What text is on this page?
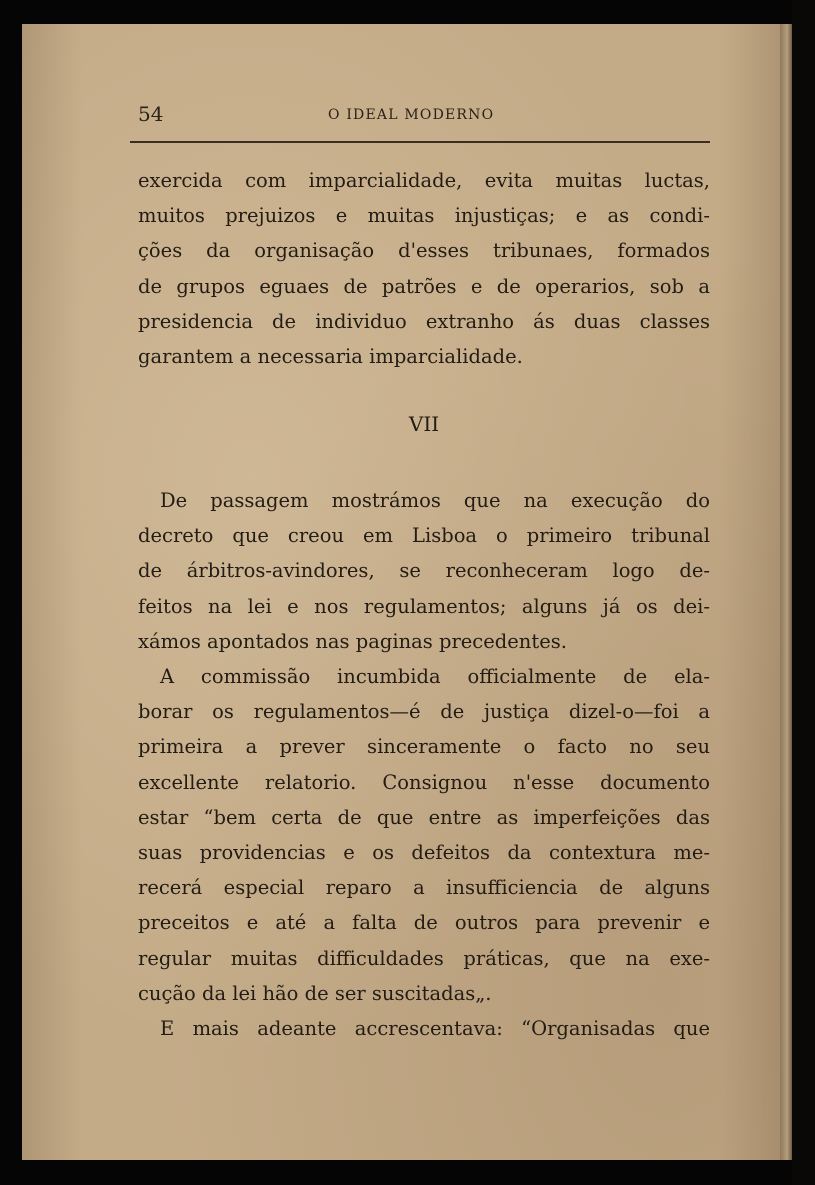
54	O IDEAL MODERNO
exercida com imparcialidade, evita muitas luctas,
muitos prejuizos e muitas injustiças; e as condi-
ções da organisação d'esses tribunaes, formados
de grupos eguaes de patrões e de operarios, sob a
presidencia de individuo extranho ás duas classes
garantem a necessaria imparcialidade.
VII
De passagem mostrámos que na execução do
decreto que creou em Lisboa o primeiro tribunal
de árbitros-avindores, se reconheceram logo de-
feitos na lei e nos regulamentos; alguns já os dei-
xámos apontados nas paginas precedentes.
A commissão incumbida officialmente de ela-
borar os regulamentos—é de justiça dizel-o—foi a
primeira a prever sinceramente o facto no seu
excellente relatorio. Consignou n'esse documento
estar “bem certa de que entre as imperfeições das
suas providencias e os defeitos da contextura me-
recerá especial reparo a insufficiencia de alguns
preceitos e até a falta de outros para prevenir e
regular muitas difficuldades práticas, que na exe-
cução da lei hão de ser suscitadas„.
E mais adeante accrescentava: “Organisadas que
